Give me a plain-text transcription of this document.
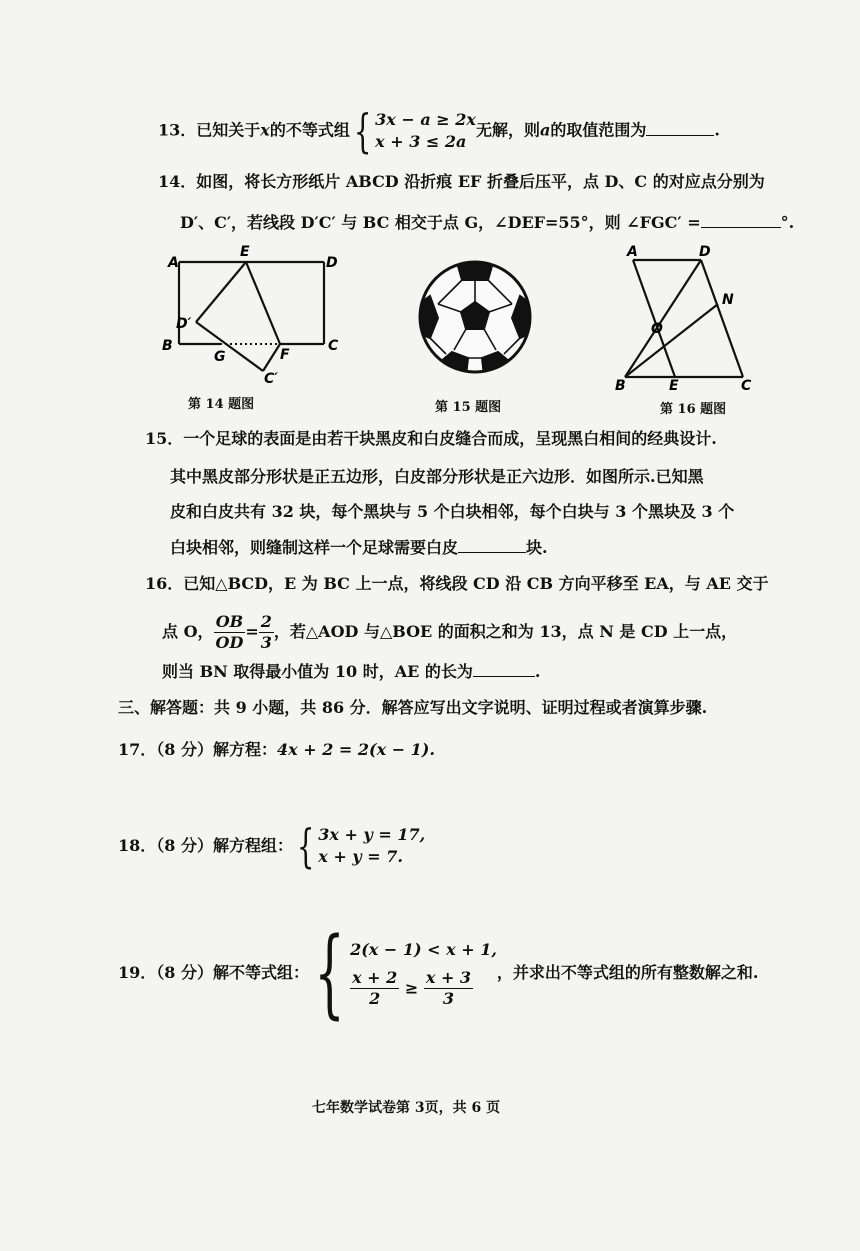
13．已知关于x的不等式组{ 3x − a ≥ 2x
x + 3 ≤ 2a
无解，则a的取值范围为	.
14．如图，将长方形纸片 ABCD 沿折痕 EF 折叠后压平，点 D、C 的对应点分别为
D′、C′，若线段 D′C′ 与 BC 相交于点 G，∠DEF=55°，则 ∠FGC′ =	°.
A
E
D
D′
B
G	F
C
C′
第 14 题图	第 15 题图
A	D
N
O
B	E	C
第 16 题图
15．一个足球的表面是由若干块黑皮和白皮缝合而成，呈现黑白相间的经典设计.
其中黑皮部分形状是正五边形，白皮部分形状是正六边形．如图所示.已知黑
皮和白皮共有 32 块，每个黑块与 5 个白块相邻，每个白块与 3 个黑块及 3 个
白块相邻，则缝制这样一个足球需要白皮	块.
16．已知△BCD，E 为 BC 上一点，将线段 CD 沿 CB 方向平移至 EA，与 AE 交于
点 O， $\frac{OB}{OD} = \frac{2}{3}$ ，若△AOD 与△BOE 的面积之和为 13，点 N 是 CD 上一点，
则当 BN 取得最小值为 10 时，AE 的长为	.
三、解答题：共 9 小题，共 86 分．解答应写出文字说明、证明过程或者演算步骤.
17．（8 分）解方程：4x + 2 = 2(x − 1).
18．（8 分）解方程组：{ 3x + y = 17,
x + y = 7.
19．（8 分）解不等式组：{ 2(x − 1) < x + 1,
$\frac{x + 2}{2} \ge \frac{x + 3}{3}$ ，并求出不等式组的所有整数解之和.
七年数学试卷第 3页，共 6 页
